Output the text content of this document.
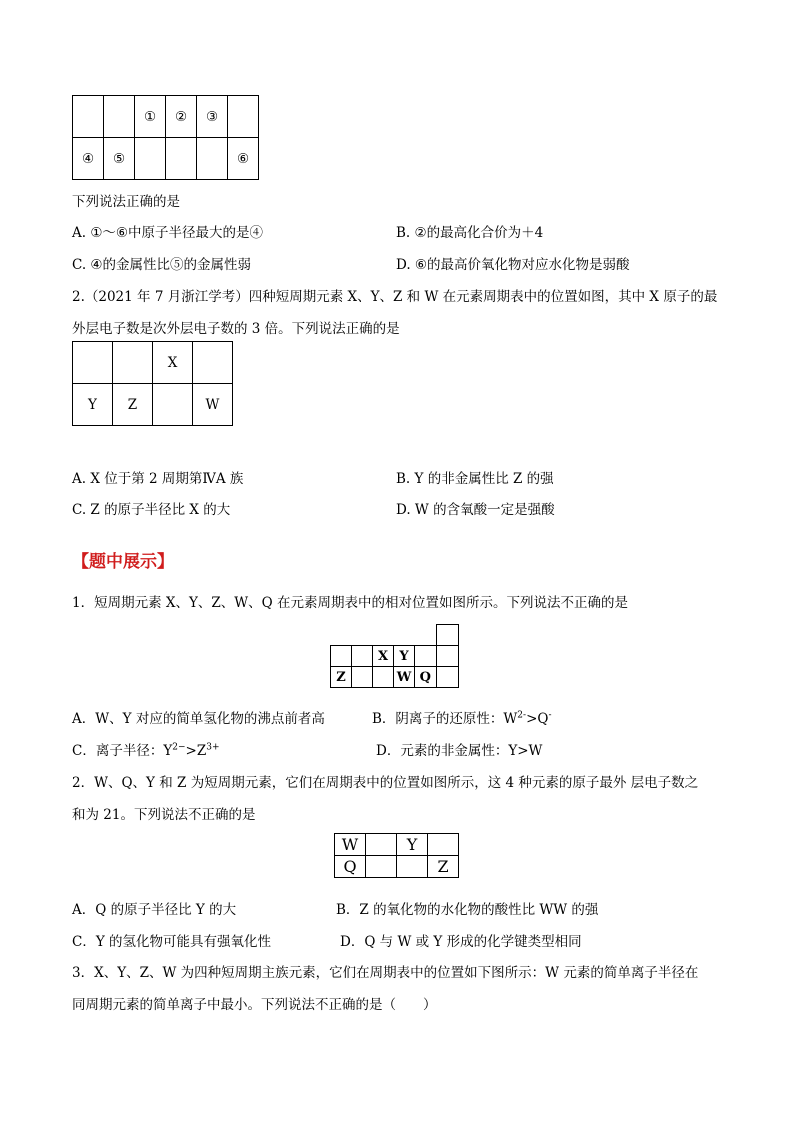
		①	②	③	
④	⑤				⑥
下列说法正确的是
A. ①～⑥中原子半径最大的是④	B. ②的最高化合价为＋4
C. ④的金属性比⑤的金属性弱	D. ⑥的最高价氧化物对应水化物是弱酸
2.（2021 年 7 月浙江学考）四种短周期元素 X、Y、Z 和 W 在元素周期表中的位置如图，其中 X 原子的最
外层电子数是次外层电子数的 3 倍。下列说法正确的是
		X	
Y	Z		W
A. X 位于第 2 周期第ⅣA 族	B. Y 的非金属性比 Z 的强
C. Z 的原子半径比 X 的大	D. W 的含氧酸一定是强酸
【题中展示】
1．短周期元素 X、Y、Z、W、Q 在元素周期表中的相对位置如图所示。下列说法不正确的是

		X	Y		
Z			W	Q	
A．W、Y 对应的简单氢化物的沸点前者高	B．阴离子的还原性：$W^{2-}>Q^-$
C．离子半径：$Y^{2-}>Z^{3+}$	D．元素的非金属性：Y>W
2．W、Q、Y 和 Z 为短周期元素，它们在周期表中的位置如图所示，这 4 种元素的原子最外 层电子数之
和为 21。下列说法不正确的是
W		Y	
Q			Z
A．Q 的原子半径比 Y 的大	B．Z 的氧化物的水化物的酸性比 WW 的强
C．Y 的氢化物可能具有强氧化性	D．Q 与 W 或 Y 形成的化学键类型相同
3．X、Y、Z、W 为四种短周期主族元素，它们在周期表中的位置如下图所示：W 元素的简单离子半径在
同周期元素的简单离子中最小。下列说法不正确的是（　　）
